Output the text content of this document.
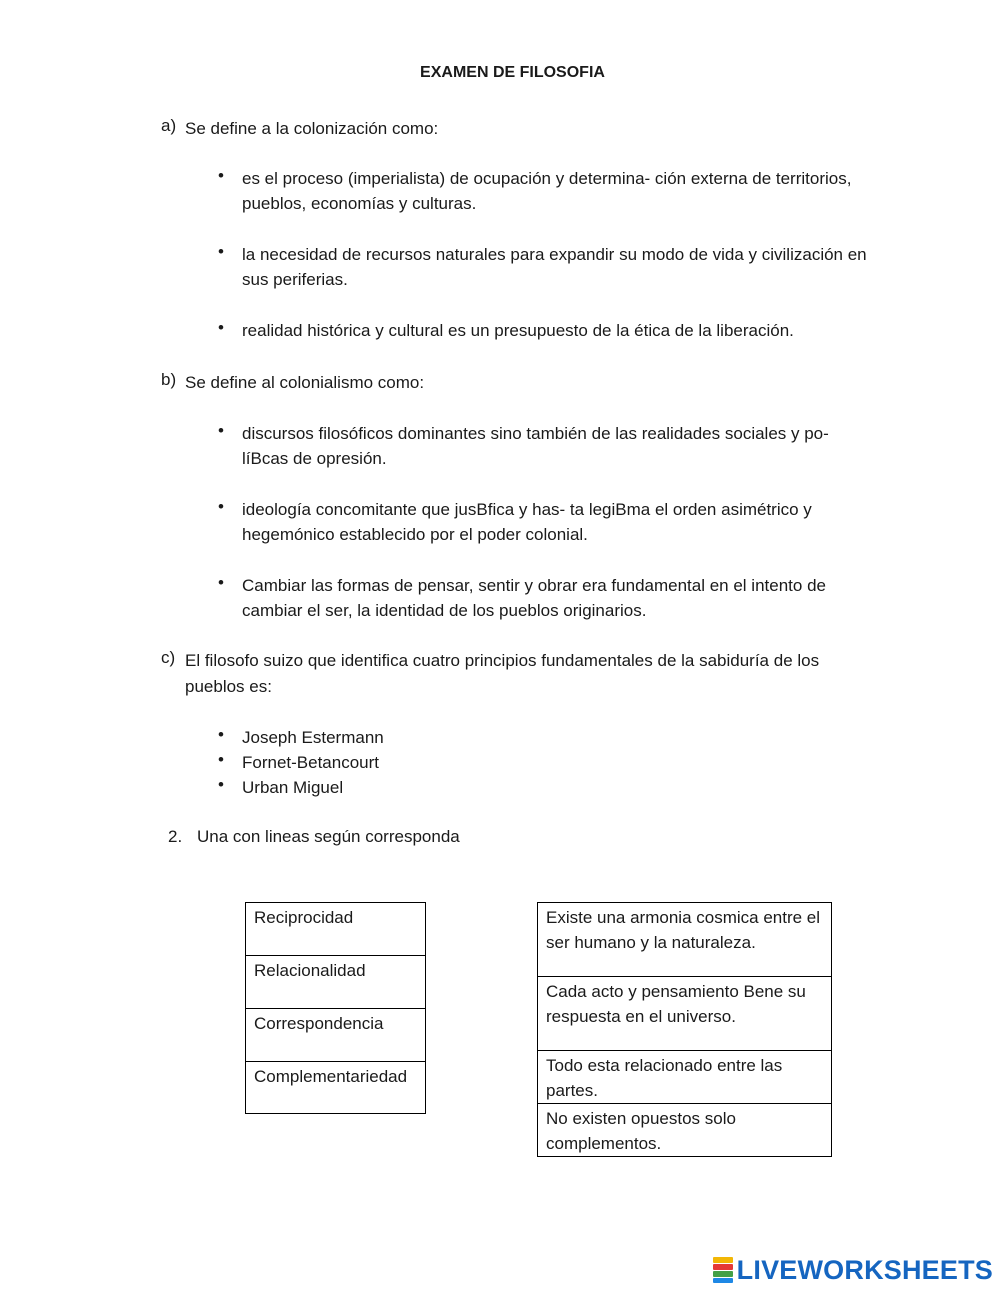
EXAMEN DE FILOSOFIA
a) Se define a la colonización como:
•	es el proceso (imperialista) de ocupación y determina- ción externa de territorios, pueblos, economías y culturas.
•	la necesidad de recursos naturales para expandir su modo de vida y civilización en sus periferias.
•	realidad histórica y cultural es un presupuesto de la ética de la liberación.
b) Se define al colonialismo como:
•	discursos filosóficos dominantes sino también de las realidades sociales y po- líBcas de opresión.
•	ideología concomitante que jusBfica y has- ta legiBma el orden asimétrico y hegemónico establecido por el poder colonial.
•	Cambiar las formas de pensar, sentir y obrar era fundamental en el intento de cambiar el ser, la identidad de los pueblos originarios.
c) El filosofo suizo que identifica cuatro principios fundamentales de la sabiduría de los pueblos es:
•	Joseph Estermann
•	Fornet-Betancourt
•	Urban Miguel
2. Una con lineas según corresponda
Reciprocidad
Relacionalidad
Correspondencia
Complementariedad
Existe una armonia cosmica entre el ser humano y la naturaleza.
Cada acto y pensamiento Bene su respuesta en el universo.
Todo esta relacionado entre las partes.
No existen opuestos solo complementos.
LIVEWORKSHEETS
